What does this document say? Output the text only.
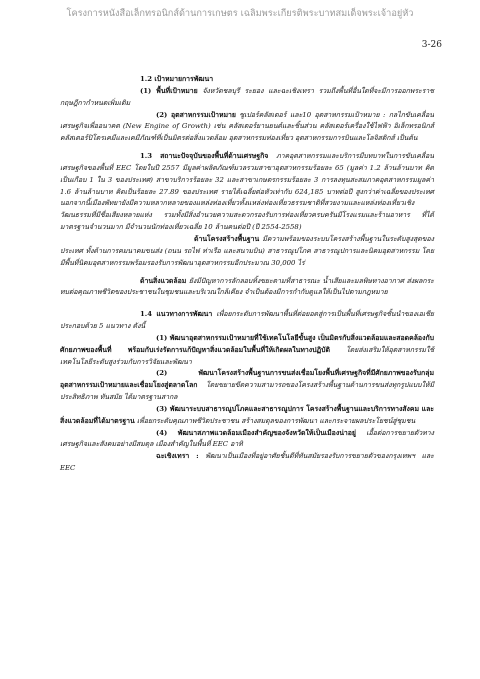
โครงการหนังสือเล็กทรอนิกส์ด้านการเกษตร เฉลิมพระเกียรติพระบาทสมเด็จพระเจ้าอยู่หัว
3-26

1.2 เป้าหมายการพัฒนา

(1) พื้นที่เป้าหมาย จังหวัดชลบุรี ระยอง และฉะเชิงเทรา รวมถึงพื้นที่อื่นใดที่จะมีการออกพระราชกฤษฎีกากำหนดเพิ่มเติม

(2) อุตสาหกรรมเป้าหมาย ซูเปอร์คลัสเตอร์ และ10 อุตสาหกรรมเป้าหมาย : กลไกขับเคลื่อนเศรษฐกิจเพื่ออนาคต (New Engine of Growth) เช่น คลัสเตอร์ยานยนต์และชิ้นส่วน คลัสเตอร์เครื่องใช้ไฟฟ้า อิเล็กทรอนิกส์ คลัสเตอร์ปิโตรเคมีและเคมีภัณฑ์ที่เป็นมิตรต่อสิ่งแวดล้อม อุตสาหกรรมท่องเที่ยว อุตสาหกรรมการบินและโลจิสติกส์ เป็นต้น

1.3 สถานะปัจจุบันของพื้นที่ด้านเศรษฐกิจ ภาคอุตสาหกรรมและบริการมีบทบาทในการขับเคลื่อนเศรษฐกิจของพื้นที่ EEC โดยในปี 2557 มีมูลค่าผลิตภัณฑ์มวลรวมสาขาอุตสาหกรรมร้อยละ 65 (มูลค่า 1.2 ล้านล้านบาท คิดเป็นเกือบ 1 ใน 3 ของประเทศ) สาขาบริการร้อยละ 32 และสาขาเกษตรกรรมร้อยละ 3 การลงทุนสะสมภาคอุตสาหกรรมมูลค่า 1.6 ล้านล้านบาท คิดเป็นร้อยละ 27.89 ของประเทศ รายได้เฉลี่ยต่อหัวเท่ากับ 624,185 บาทต่อปี สูงกว่าค่าเฉลี่ยของประเทศนอกจากนี้เมืองพัทยายังมีความหลากหลายของแหล่งท่องเที่ยวทั้งแหล่งท่องเที่ยวธรรมชาติที่สวยงามและแหล่งท่องเที่ยวเชิงวัฒนธรรมที่มีชื่อเสียงหลายแห่ง รวมทั้งมีสิ่งอำนวยความสะดวกรองรับการท่องเที่ยวครบครันมีโรงแรมและร้านอาหาร ที่ได้มาตรฐานจำนวนมาก มีจำนวนนักท่องเที่ยวเฉลี่ย 10 ล้านคนต่อปี (ปี 2554-2558)

ด้านโครงสร้างพื้นฐาน มีความพร้อมของระบบโครงสร้างพื้นฐานในระดับสูงสุดของประเทศ ทั้งด้านการคมนาคมขนส่ง (ถนน รถไฟ ท่าเรือ และสนามบิน) สาธารณูปโภค สาธารณูปการและนิคมอุตสาหกรรม โดยมีพื้นที่นิคมอุตสาหกรรมพร้อมรองรับการพัฒนาอุตสาหกรรมอีกประมาณ 30,000 ไร่

ด้านสิ่งแวดล้อม ยังมีปัญหาการลักลอบทิ้งขยะตามที่สาธารณะ น้ำเสียและมลพิษทางอากาศ ส่งผลกระทบต่อคุณภาพชีวิตของประชาชนในชุมชนและบริเวณใกล้เคียง จำเป็นต้องมีการกำกับดูแลให้เป็นไปตามกฎหมาย

1.4 แนวทางการพัฒนา เพื่อยกระดับการพัฒนาพื้นที่ต่อยอดสู่การเป็นพื้นที่เศรษฐกิจชั้นนำของเอเชีย ประกอบด้วย 5 แนวทาง ดังนี้

(1) พัฒนาอุตสาหกรรมเป้าหมายที่ใช้เทคโนโลยีขั้นสูง เป็นมิตรกับสิ่งแวดล้อมและสอดคล้องกับศักยภาพของพื้นที่ พร้อมกับเร่งรัดการแก้ปัญหาสิ่งแวดล้อมในพื้นที่ให้เกิดผลในทางปฏิบัติ โดยส่งเสริมให้อุตสาหกรรมใช้เทคโนโลยีระดับสูงร่วมกับการวิจัยและพัฒนา

(2) พัฒนาโครงสร้างพื้นฐานการขนส่งเชื่อมโยงพื้นที่เศรษฐกิจที่มีศักยภาพของรับกลุ่มอุตสาหกรรมเป้าหมายและเชื่อมโยงสู่ตลาดโลก โดยขยายขีดความสามารถของโครงสร้างพื้นฐานด้านการขนส่งทุกรูปแบบให้มีประสิทธิภาพ ทันสมัย ได้มาตรฐานสากล

(3) พัฒนาระบบสาธารณูปโภคและสาธารณูปการ โครงสร้างพื้นฐานและบริการทางสังคม และสิ่งแวดล้อมที่ได้มาตรฐาน เพื่อยกระดับคุณภาพชีวิตประชาชน สร้างสมดุลของการพัฒนา และกระจายผลประโยชน์สู่ชุมชน

(4) พัฒนาสภาพแวดล้อมเมืองสำคัญของจังหวัดให้เป็นเมืองน่าอยู่ เอื้อต่อการขยายตัวทางเศรษฐกิจและสังคมอย่างมีสมดุล เมืองสำคัญในพื้นที่ EEC อาทิ

ฉะเชิงเทรา : พัฒนาเป็นเมืองที่อยู่อาศัยชั้นดีที่ทันสมัยรองรับการขยายตัวของกรุงเทพฯ และ EEC
